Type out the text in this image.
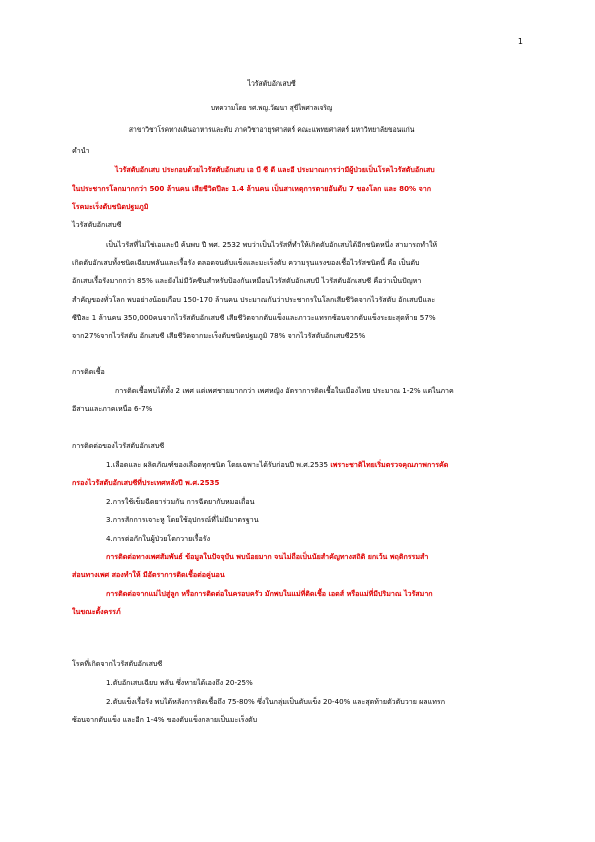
1
ไวรัสตับอักเสบซี
บทความโดย รศ.พญ.วัฒนา สุขีไพศาลเจริญ
สาขาวิชาโรคทางเดินอาหารและตับ ภาควิชาอายุรศาสตร์ คณะแพทยศาสตร์ มหาวิทยาลัยขอนแก่น
คำนำ
ไวรัสตับอักเสบ ประกอบด้วยไวรัสตับอักเสบ เอ บี ซี ดี และอี ประมาณการว่ามีผู้ป่วยเป็นโรคไวรัสตับอักเสบ
ในประชากรโลกมากกว่า 500 ล้านคน เสียชีวิตปีละ 1.4 ล้านคน เป็นสาเหตุการตายอันดับ 7 ของโลก และ 80% จาก
โรคมะเร็งตับชนิดปฐมภูมิ
ไวรัสตับอักเสบซี
เป็นไวรัสที่ไม่ใช่เอและบี ค้นพบ ปี พศ. 2532 พบว่าเป็นไวรัสที่ทำให้เกิดตับอักเสบได้อีกชนิดหนึ่ง สามารถทำให้
เกิดตับอักเสบทั้งชนิดเฉียบพลันและเรื้อรัง ตลอดจนตับแข็งและมะเร็งตับ ความรุนแรงของเชื้อไวรัสชนิดนี้ คือ เป็นตับ
อักเสบเรื้อรังมากกว่า 85% และยังไม่มีวัคซีนสำหรับป้องกันเหมือนไวรัสตับอักเสบบี ไวรัสตับอักเสบซี คือว่าเป็นปัญหา
สำคัญของทั่วโลก พบอย่างน้อยเกือบ 150-170 ล้านคน ประมาณกันว่าประชากรในโลกเสียชีวิตจากไวรัสตับ อักเสบบีและ
ซีปีละ 1 ล้านคน 350,000คนจากไวรัสตับอักเสบซี เสียชีวิตจากตับแข็งและภาวะแทรกซ้อนจากตับแข็งระยะสุดท้าย 57%
จาก27%จากไวรัสตับ อักเสบซี เสียชีวิตจากมะเร็งตับชนิดปฐมภูมิ 78% จากไวรัสตับอักเสบซี25%
การติดเชื้อ
การติดเชื้อพบได้ทั้ง 2 เพศ แต่เพศชายมากกว่า เพศหญิง อัตราการติดเชื้อในเมืองไทย ประมาณ 1-2% แต่ในภาค
อีสานและภาคเหนือ 6-7%
การติดต่อของไวรัสตับอักเสบซี
1.เลือดและ ผลิตภัณฑ์ของเลือดทุกชนิด โดยเฉพาะได้รับก่อนปี พ.ศ.2535 เพราะชาติไทยเริ่มตรวจคุณภาพการคัด
กรองไวรัสตับอักเสบซีที่ประเทศหลังปี พ.ศ.2535
2.การใช้เข็มฉีดยาร่วมกัน การฉีดยากับหมอเถื่อน
3.การสักการเจาะหู โดยใช้อุปกรณ์ที่ไม่มีมาตรฐาน
4.การต่อกักในผู้ป่วยโตกวายเรื้อรัง
การติดต่อทางเพศสัมพันธ์ ข้อมูลในปัจจุบัน พบน้อยมาก จนไม่ถือเป็นนัยสำคัญทางสถิติ ยกเว้น พฤติกรรมสำ
ส่อนทางเพศ สองทำให้ มีอัตราการติดเชื้อต่อคู่นอน
การติดต่อจากแม่ไปสู่ลูก หรือการติดต่อในครอบครัว มักพบในแม่ที่ติดเชื้อ เอดส์ หรือแม่ที่มีปริมาณ ไวรัสมาก
ในขณะตั้งครรภ์
โรคที่เกิดจากไวรัสตับอักเสบซี
1.ตับอักเสบเฉียบ พลัน ซึ่งหายได้เองถึง 20-25%
2.ตับแข็งเรื้อรัง พบได้หลังการติดเชื้อถึง 75-80% ซึ่งในกลุ่มเป็นตับแข็ง 20-40% และสุดท้ายตัวตับวาย ผลแทรก
ซ้อนจากตับแข็ง และอีก 1-4% ของตับแข็งกลายเป็นมะเร็งตับ
